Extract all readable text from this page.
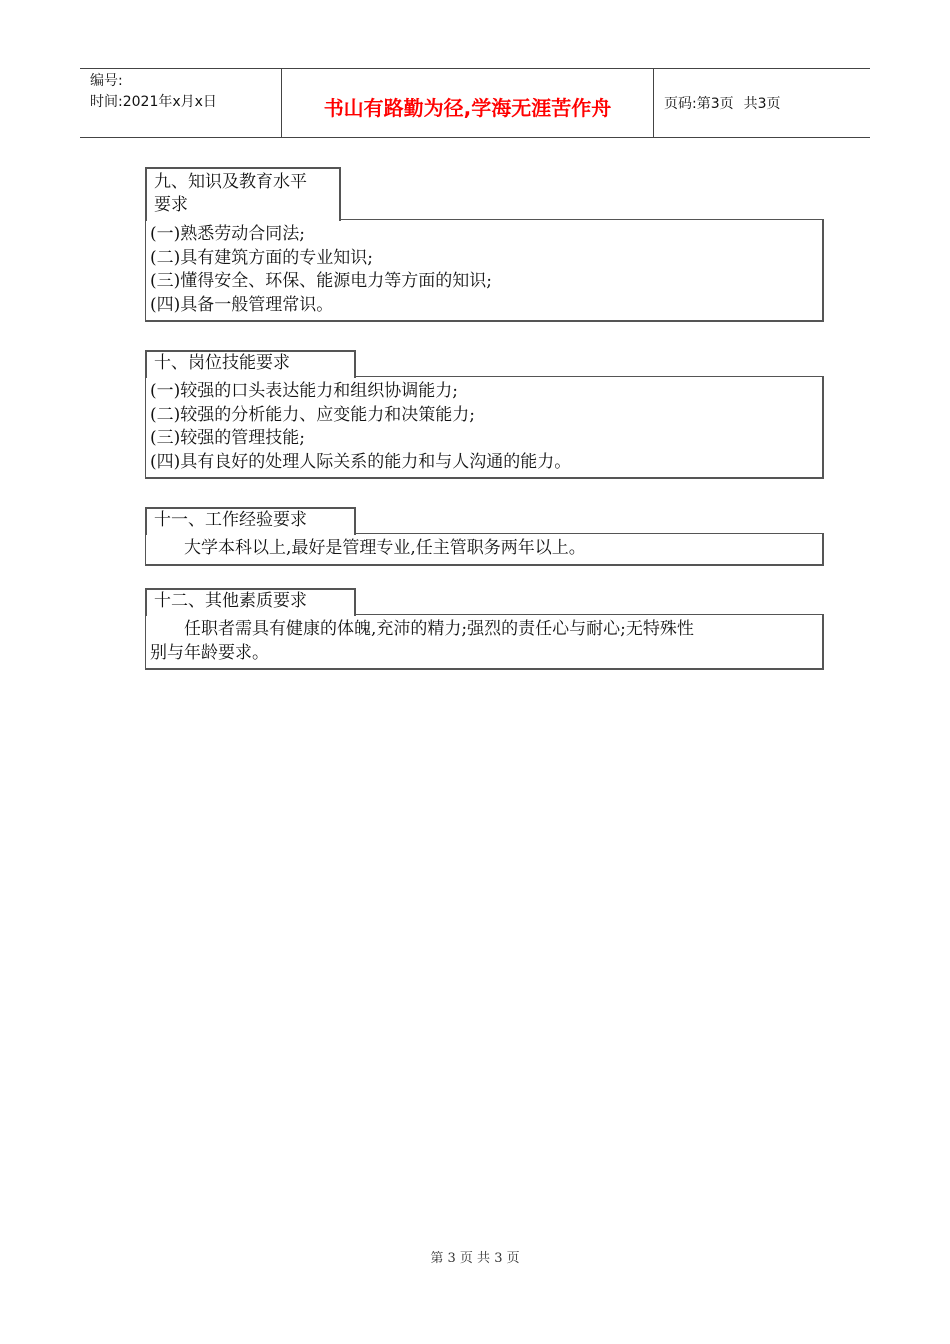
编号:
时间:2021年x月x日	书山有路勤为径,学海无涯苦作舟	页码:第3页 共3页
九、知识及教育水平
要求
(一)熟悉劳动合同法;
(二)具有建筑方面的专业知识;
(三)懂得安全、环保、能源电力等方面的知识;
(四)具备一般管理常识。
十、岗位技能要求
(一)较强的口头表达能力和组织协调能力;
(二)较强的分析能力、应变能力和决策能力;
(三)较强的管理技能;
(四)具有良好的处理人际关系的能力和与人沟通的能力。
十一、工作经验要求
大学本科以上,最好是管理专业,任主管职务两年以上。
十二、其他素质要求
任职者需具有健康的体魄,充沛的精力;强烈的责任心与耐心;无特殊性
别与年龄要求。
第 3 页 共 3 页
